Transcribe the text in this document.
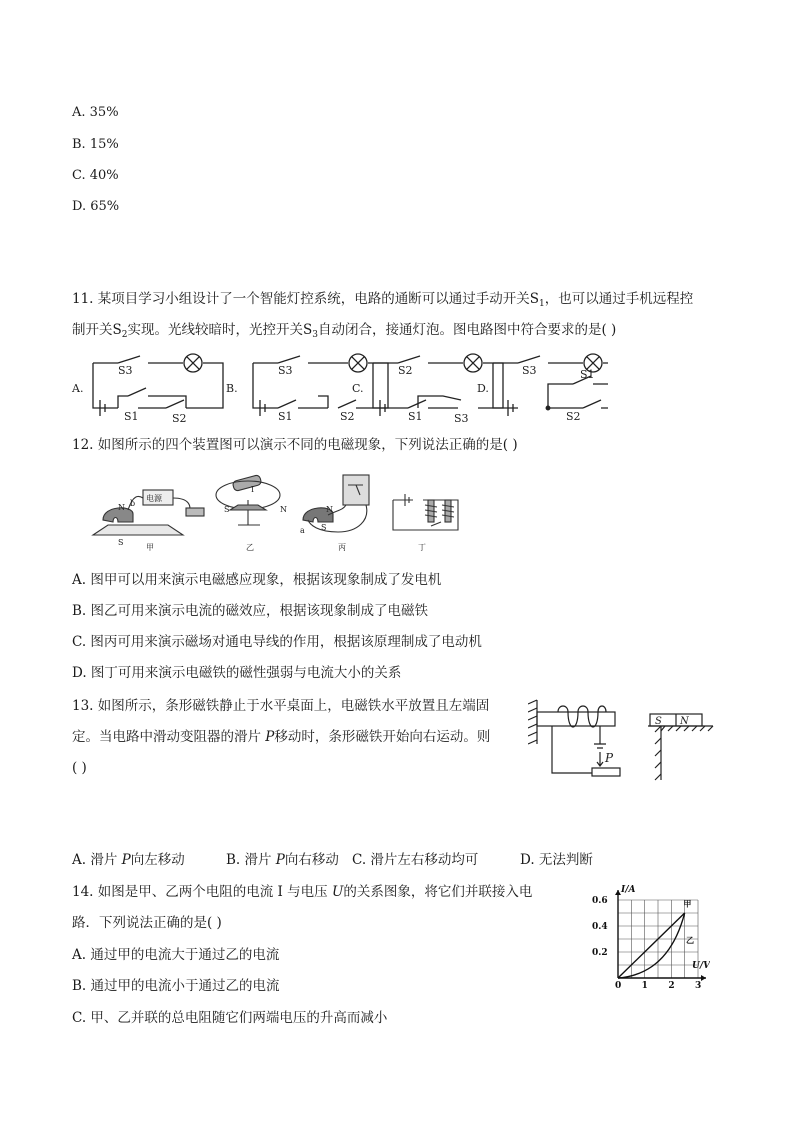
A. 35%
B. 15%
C. 40%
D. 65%
11. 某项目学习小组设计了一个智能灯控系统，电路的通断可以通过手动开关$S_1$，也可以通过手机远程控
制开关$S_2$实现。光线较暗时，光控开关$S_3$自动闭合，接通灯泡。图电路图中符合要求的是( )
A.	B.	C.	D.
S3
S1	S2
S3
S1	S2
S2
S1	S3
S3	S1
S2
12. 如图所示的四个装置图可以演示不同的电磁现象，下列说法正确的是( )
电源
N
S
N
S
I
N
S
a
b
甲	乙	丙	丁
A. 图甲可以用来演示电磁感应现象，根据该现象制成了发电机
B. 图乙可用来演示电流的磁效应，根据该现象制成了电磁铁
C. 图丙可用来演示磁场对通电导线的作用，根据该原理制成了电动机
D. 图丁可用来演示电磁铁的磁性强弱与电流大小的关系
13. 如图所示，条形磁铁静止于水平桌面上，电磁铁水平放置且左端固
定。当电路中滑动变阻器的滑片 P移动时，条形磁铁开始向右运动。则
( )
P
S N
A. 滑片 P向左移动	B. 滑片 P向右移动 C. 滑片左右移动均可	D. 无法判断
14. 如图是甲、乙两个电阻的电流 I 与电压 U的关系图象，将它们并联接入电
路．下列说法正确的是( )
A. 通过甲的电流大于通过乙的电流
B. 通过甲的电流小于通过乙的电流
C. 甲、乙并联的总电阻随它们两端电压的升高而减小
0 1 2 3
0.2
0.4
0.6
I/A
U/V
甲
乙
